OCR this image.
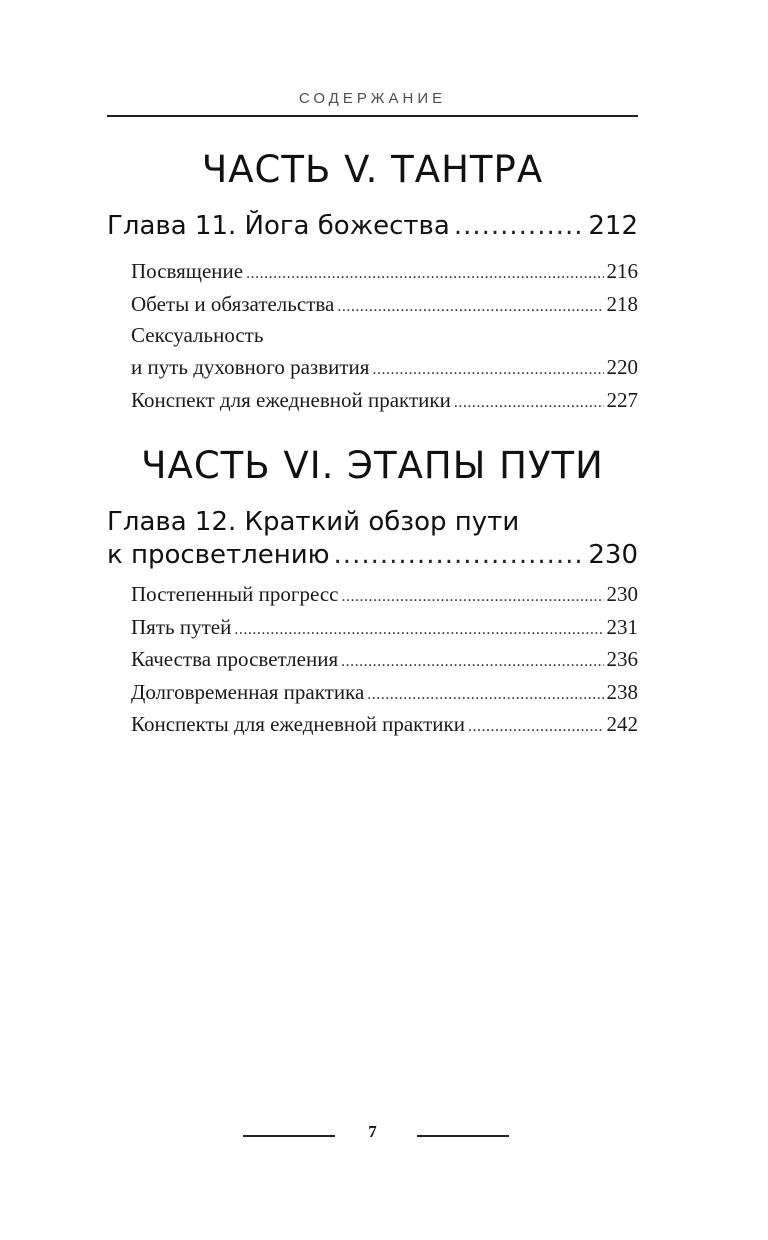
СОДЕРЖАНИЕ
ЧАСТЬ V. ТАНТРА
Глава 11. Йога божества .....	212
Посвящение .....	216
Обеты и обязательства .....	218
Сексуальность
и путь духовного развития .....	220
Конспект для ежедневной практики .....	227
ЧАСТЬ VI. ЭТАПЫ ПУТИ
Глава 12. Краткий обзор пути
к просветлению .....	230
Постепенный прогресс .....	230
Пять путей .....	231
Качества просветления .....	236
Долговременная практика .....	238
Конспекты для ежедневной практики .....	242
7
